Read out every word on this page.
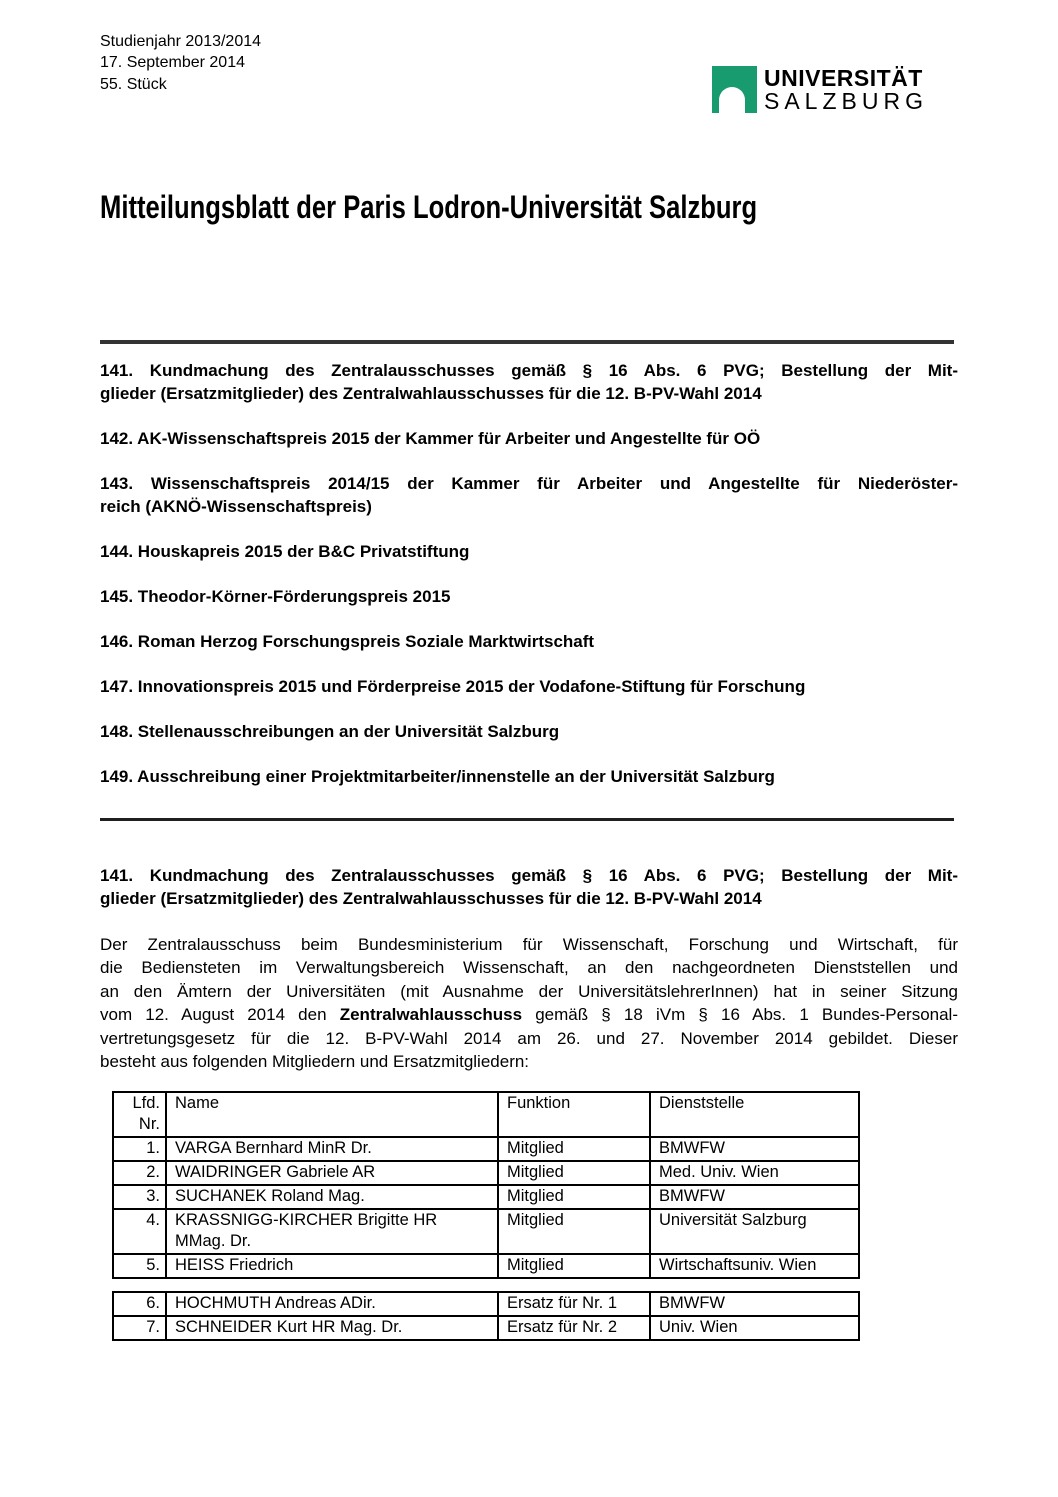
Studienjahr 2013/2014
17. September 2014
55. Stück	UNIVERSITÄT
SALZBURG
Mitteilungsblatt der Paris Lodron-Universität Salzburg
141. Kundmachung des Zentralausschusses gemäß § 16 Abs. 6 PVG; Bestellung der Mit-
glieder (Ersatzmitglieder) des Zentralwahlausschusses für die 12. B-PV-Wahl 2014
142. AK-Wissenschaftspreis 2015 der Kammer für Arbeiter und Angestellte für OÖ
143. Wissenschaftspreis 2014/15 der Kammer für Arbeiter und Angestellte für Niederöster-
reich (AKNÖ-Wissenschaftspreis)
144. Houskapreis 2015 der B&C Privatstiftung
145. Theodor-Körner-Förderungspreis 2015
146. Roman Herzog Forschungspreis Soziale Marktwirtschaft
147. Innovationspreis 2015 und Förderpreise 2015 der Vodafone-Stiftung für Forschung
148. Stellenausschreibungen an der Universität Salzburg
149. Ausschreibung einer Projektmitarbeiter/innenstelle an der Universität Salzburg
141. Kundmachung des Zentralausschusses gemäß § 16 Abs. 6 PVG; Bestellung der Mit-
glieder (Ersatzmitglieder) des Zentralwahlausschusses für die 12. B-PV-Wahl 2014
Der Zentralausschuss beim Bundesministerium für Wissenschaft, Forschung und Wirtschaft, für
die Bediensteten im Verwaltungsbereich Wissenschaft, an den nachgeordneten Dienststellen und
an den Ämtern der Universitäten (mit Ausnahme der UniversitätslehrerInnen) hat in seiner Sitzung
vom 12. August 2014 den Zentralwahlausschuss gemäß § 18 iVm § 16 Abs. 1 Bundes-Personal-
vertretungsgesetz für die 12. B-PV-Wahl 2014 am 26. und 27. November 2014 gebildet. Dieser
besteht aus folgenden Mitgliedern und Ersatzmitgliedern:
Lfd.
Nr.	Name	Funktion	Dienststelle
1.	VARGA Bernhard MinR Dr.	Mitglied	BMWFW
2.	WAIDRINGER Gabriele AR	Mitglied	Med. Univ. Wien
3.	SUCHANEK Roland Mag.	Mitglied	BMWFW
4.	KRASSNIGG-KIRCHER Brigitte HR
MMag. Dr.	Mitglied	Universität Salzburg
5.	HEISS Friedrich	Mitglied	Wirtschaftsuniv. Wien
6.	HOCHMUTH Andreas ADir.	Ersatz für Nr. 1	BMWFW
7.	SCHNEIDER Kurt HR Mag. Dr.	Ersatz für Nr. 2	Univ. Wien
